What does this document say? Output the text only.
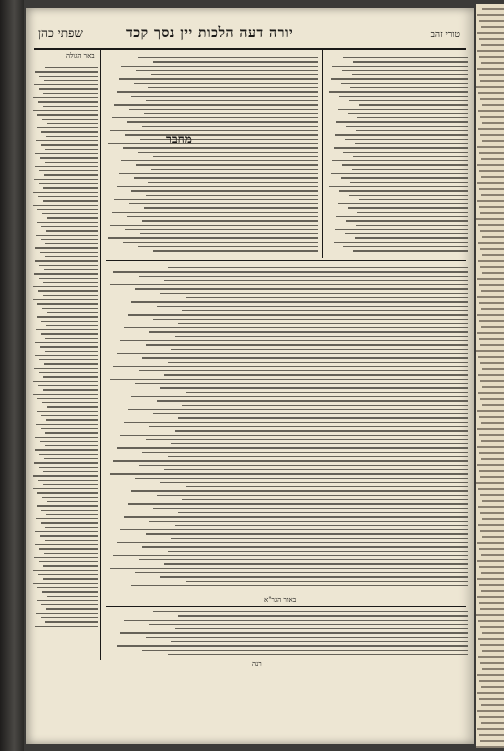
שפתי כהן	יורה דעה הלכות יין נסך קכד	טורי זהב
באר הגולה
מחבר
באור הגר"א
רנה
